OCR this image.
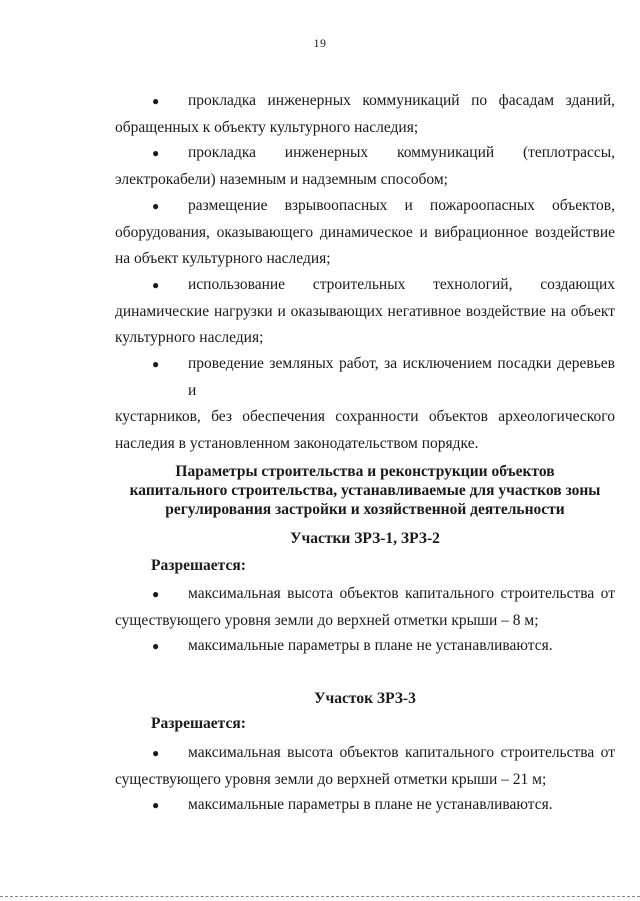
19
●	прокладка инженерных коммуникаций по фасадам зданий,
обращенных к объекту культурного наследия;
●	прокладка инженерных коммуникаций (теплотрассы,
электрокабели) наземным и надземным способом;
●	размещение взрывоопасных и пожароопасных объектов,
оборудования, оказывающего динамическое и вибрационное воздействие на объект культурного наследия;
●	использование строительных технологий, создающих
динамические нагрузки и оказывающих негативное воздействие на объект культурного наследия;
●	проведение земляных работ, за исключением посадки деревьев и
кустарников, без обеспечения сохранности объектов археологического наследия в установленном законодательством порядке.
Параметры строительства и реконструкции объектов
капитального строительства, устанавливаемые для участков зоны
регулирования застройки и хозяйственной деятельности
Участки ЗРЗ-1, ЗРЗ-2
Разрешается:
●	максимальная высота объектов капитального строительства от
существующего уровня земли до верхней отметки крыши – 8 м;
●	максимальные параметры в плане не устанавливаются.
Участок ЗРЗ-3
Разрешается:
●	максимальная высота объектов капитального строительства от
существующего уровня земли до верхней отметки крыши – 21 м;
●	максимальные параметры в плане не устанавливаются.
